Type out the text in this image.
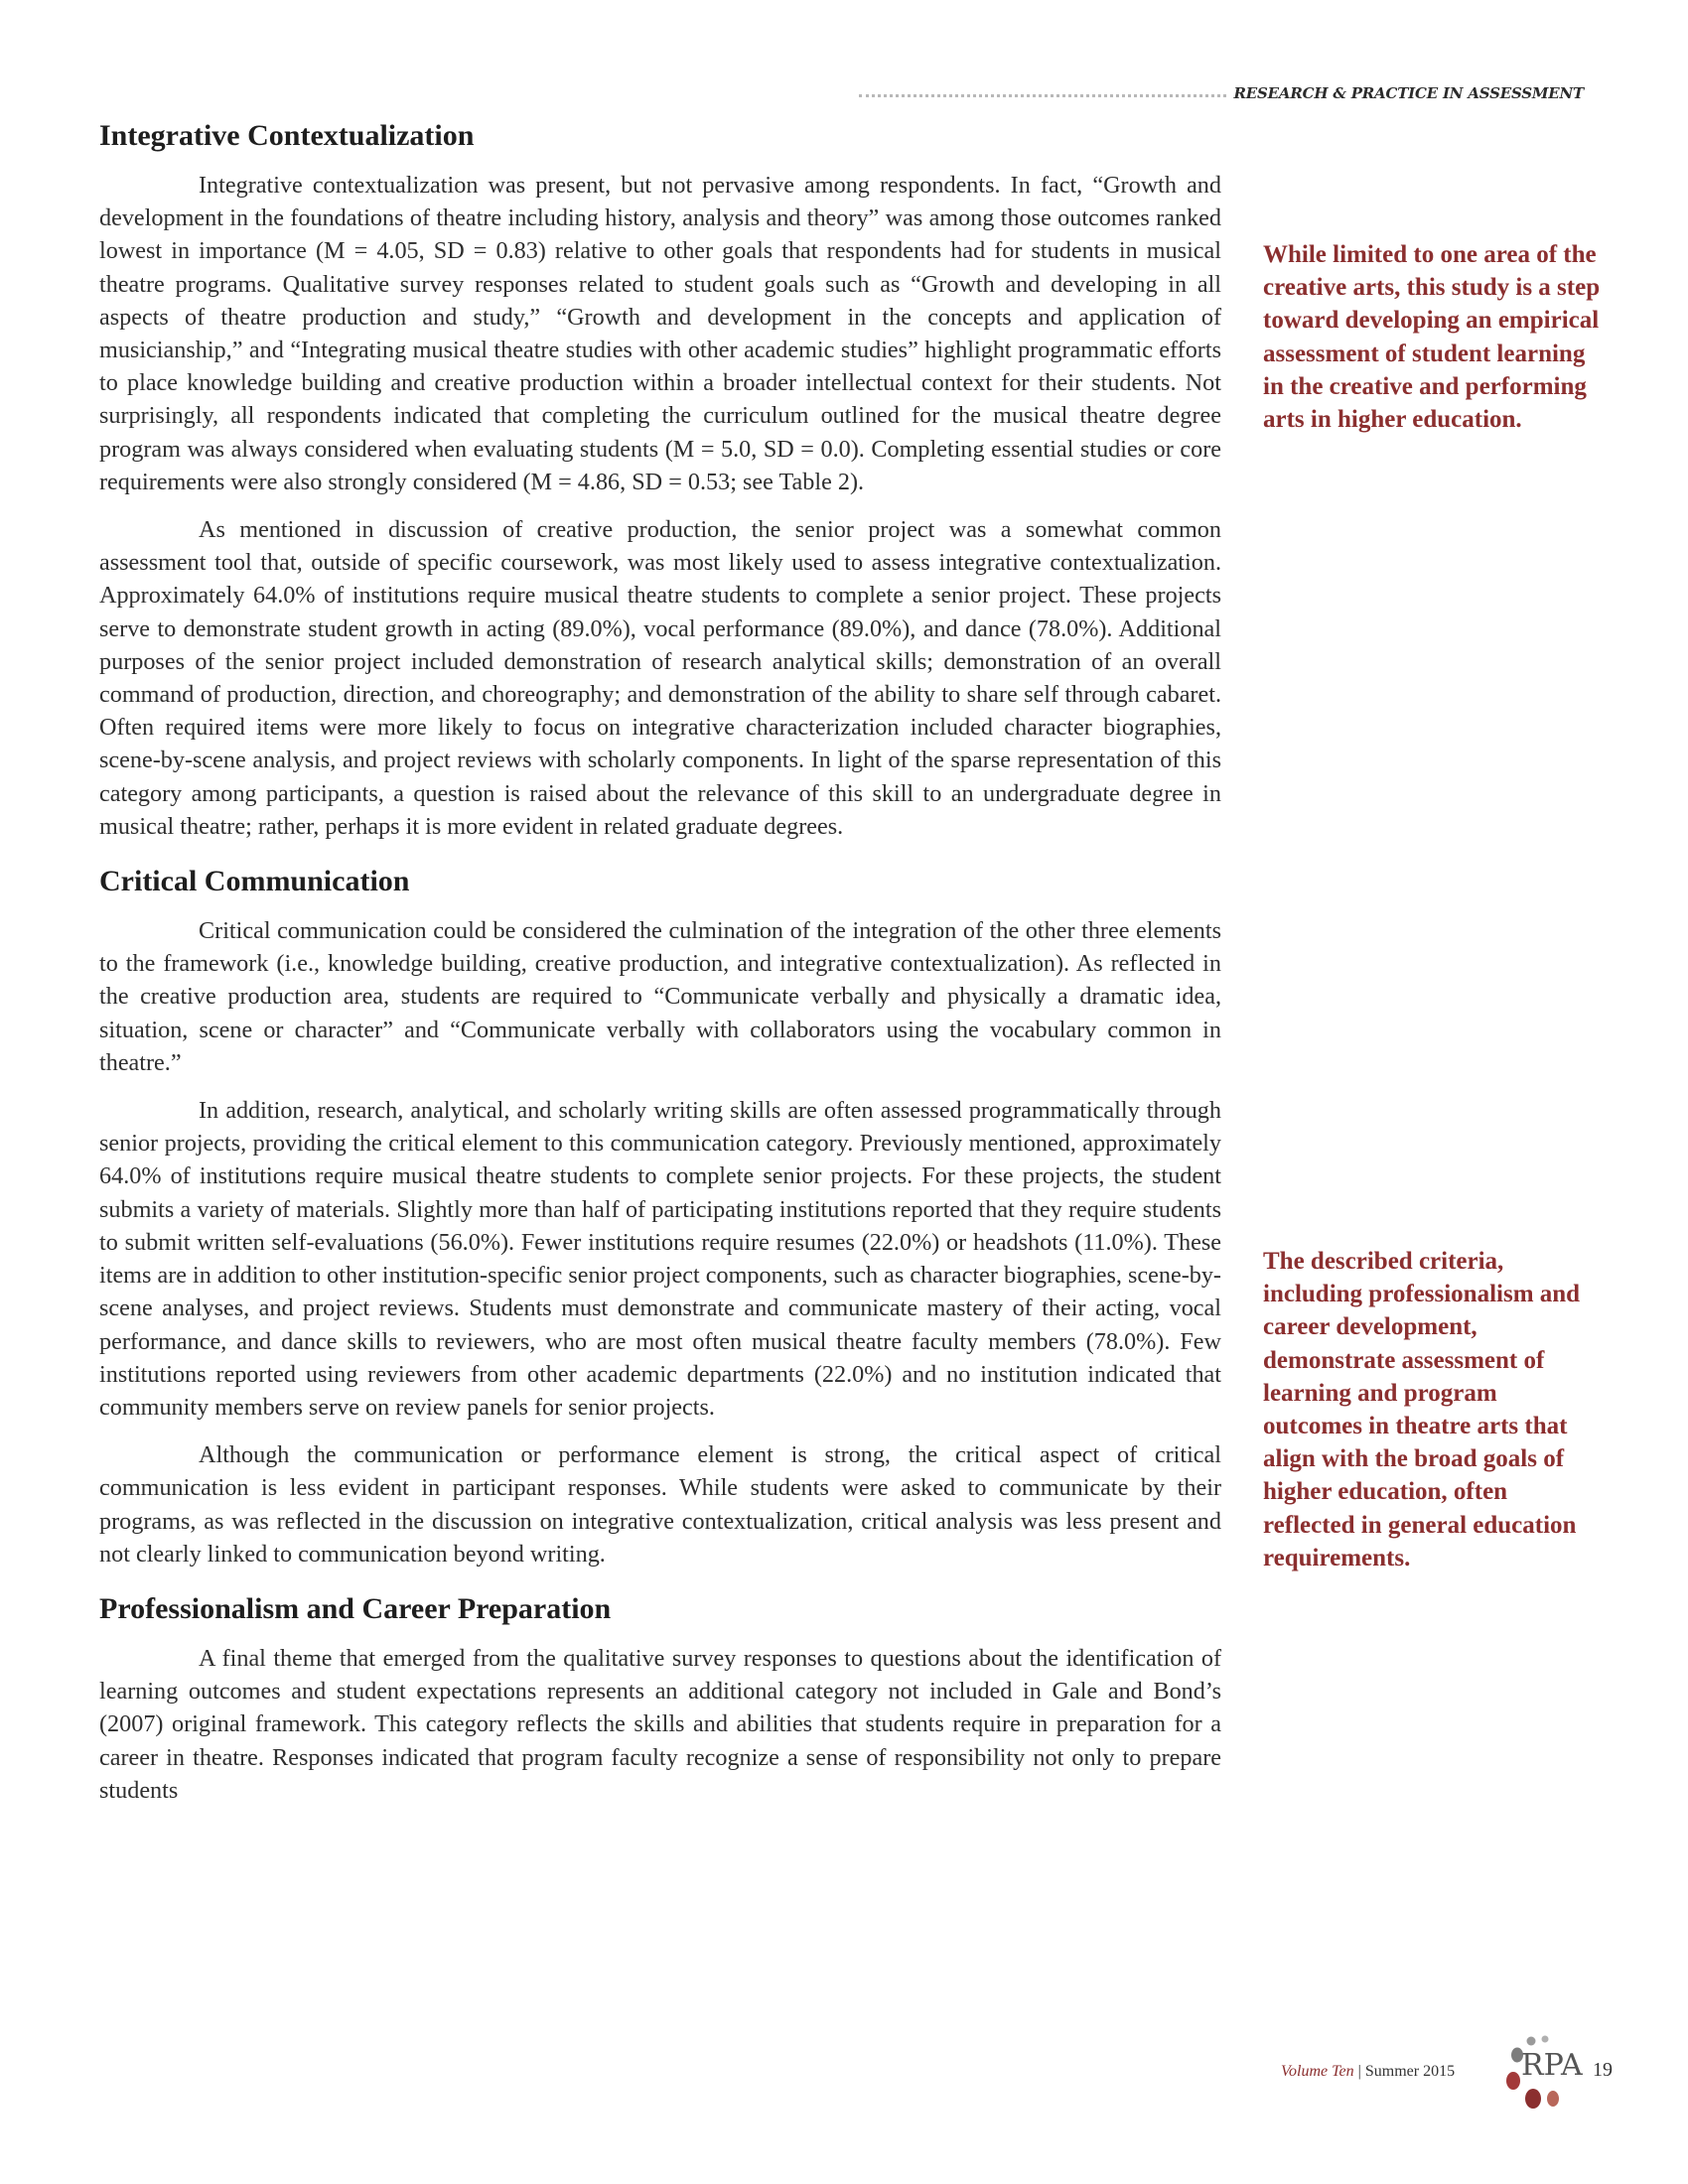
RESEARCH & PRACTICE IN ASSESSMENT
Integrative Contextualization

Integrative contextualization was present, but not pervasive among respondents. In fact, “Growth and development in the foundations of theatre including history, analysis and theory” was among those outcomes ranked lowest in importance (M = 4.05, SD = 0.83) relative to other goals that respondents had for students in musical theatre programs. Qualitative survey responses related to student goals such as “Growth and developing in all aspects of theatre production and study,” “Growth and development in the concepts and application of musicianship,” and “Integrating musical theatre studies with other academic studies” highlight programmatic efforts to place knowledge building and creative production within a broader intellectual context for their students. Not surprisingly, all respondents indicated that completing the curriculum outlined for the musical theatre degree program was always considered when evaluating students (M = 5.0, SD = 0.0). Completing essential studies or core requirements were also strongly considered (M = 4.86, SD = 0.53; see Table 2).

As mentioned in discussion of creative production, the senior project was a somewhat common assessment tool that, outside of specific coursework, was most likely used to assess integrative contextualization. Approximately 64.0% of institutions require musical theatre students to complete a senior project. These projects serve to demonstrate student growth in acting (89.0%), vocal performance (89.0%), and dance (78.0%). Additional purposes of the senior project included demonstration of research analytical skills; demonstration of an overall command of production, direction, and choreography; and demonstration of the ability to share self through cabaret. Often required items were more likely to focus on integrative characterization included character biographies, scene-by-scene analysis, and project reviews with scholarly components. In light of the sparse representation of this category among participants, a question is raised about the relevance of this skill to an undergraduate degree in musical theatre; rather, perhaps it is more evident in related graduate degrees.

Critical Communication

Critical communication could be considered the culmination of the integration of the other three elements to the framework (i.e., knowledge building, creative production, and integrative contextualization). As reflected in the creative production area, students are required to “Communicate verbally and physically a dramatic idea, situation, scene or character” and “Communicate verbally with collaborators using the vocabulary common in theatre.”

In addition, research, analytical, and scholarly writing skills are often assessed programmatically through senior projects, providing the critical element to this communication category. Previously mentioned, approximately 64.0% of institutions require musical theatre students to complete senior projects. For these projects, the student submits a variety of materials. Slightly more than half of participating institutions reported that they require students to submit written self-evaluations (56.0%). Fewer institutions require resumes (22.0%) or headshots (11.0%). These items are in addition to other institution-specific senior project components, such as character biographies, scene-by-scene analyses, and project reviews. Students must demonstrate and communicate mastery of their acting, vocal performance, and dance skills to reviewers, who are most often musical theatre faculty members (78.0%). Few institutions reported using reviewers from other academic departments (22.0%) and no institution indicated that community members serve on review panels for senior projects.

Although the communication or performance element is strong, the critical aspect of critical communication is less evident in participant responses. While students were asked to communicate by their programs, as was reflected in the discussion on integrative contextualization, critical analysis was less present and not clearly linked to communication beyond writing.

Professionalism and Career Preparation

A final theme that emerged from the qualitative survey responses to questions about the identification of learning outcomes and student expectations represents an additional category not included in Gale and Bond’s (2007) original framework. This category reflects the skills and abilities that students require in preparation for a career in theatre. Responses indicated that program faculty recognize a sense of responsibility not only to prepare students

While limited to one area of the creative arts, this study is a step toward developing an empirical assessment of student learning in the creative and performing arts in higher education.
The described criteria, including professionalism and career development, demonstrate assessment of learning and program outcomes in theatre arts that align with the broad goals of higher education, often reflected in general education requirements.
Volume Ten | Summer 2015 RPA 19
